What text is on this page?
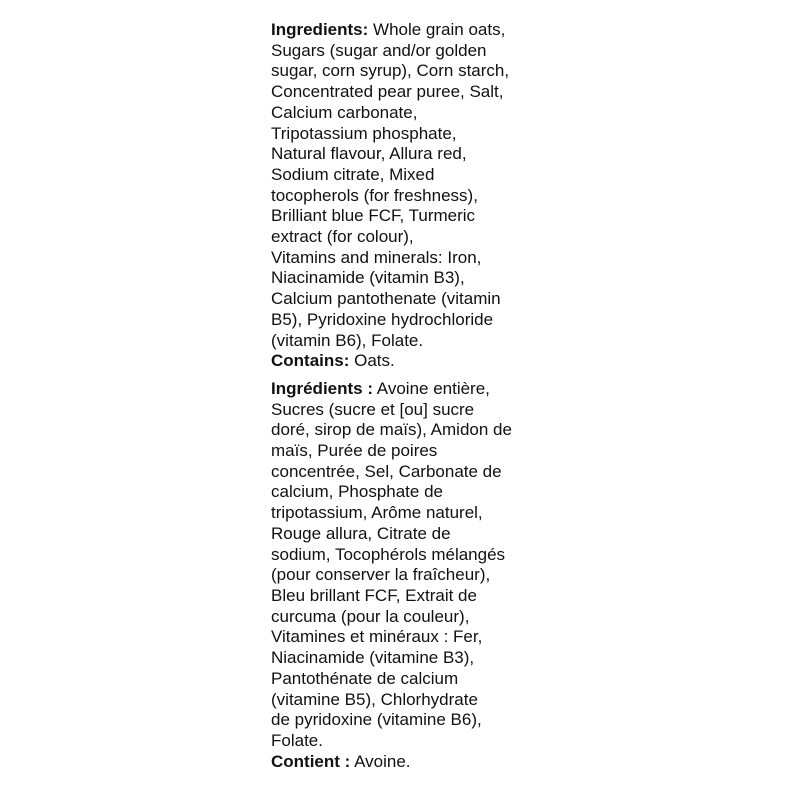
Ingredients: Whole grain oats,
Sugars (sugar and/or golden
sugar, corn syrup), Corn starch,
Concentrated pear puree, Salt,
Calcium carbonate,
Tripotassium phosphate,
Natural flavour, Allura red,
Sodium citrate, Mixed
tocopherols (for freshness),
Brilliant blue FCF, Turmeric
extract (for colour),
Vitamins and minerals: Iron,
Niacinamide (vitamin B3),
Calcium pantothenate (vitamin
B5), Pyridoxine hydrochloride
(vitamin B6), Folate.
Contains: Oats.
Ingrédients : Avoine entière,
Sucres (sucre et [ou] sucre
doré, sirop de maïs), Amidon de
maïs, Purée de poires
concentrée, Sel, Carbonate de
calcium, Phosphate de
tripotassium, Arôme naturel,
Rouge allura, Citrate de
sodium, Tocophérols mélangés
(pour conserver la fraîcheur),
Bleu brillant FCF, Extrait de
curcuma (pour la couleur),
Vitamines et minéraux : Fer,
Niacinamide (vitamine B3),
Pantothénate de calcium
(vitamine B5), Chlorhydrate
de pyridoxine (vitamine B6),
Folate.
Contient : Avoine.
